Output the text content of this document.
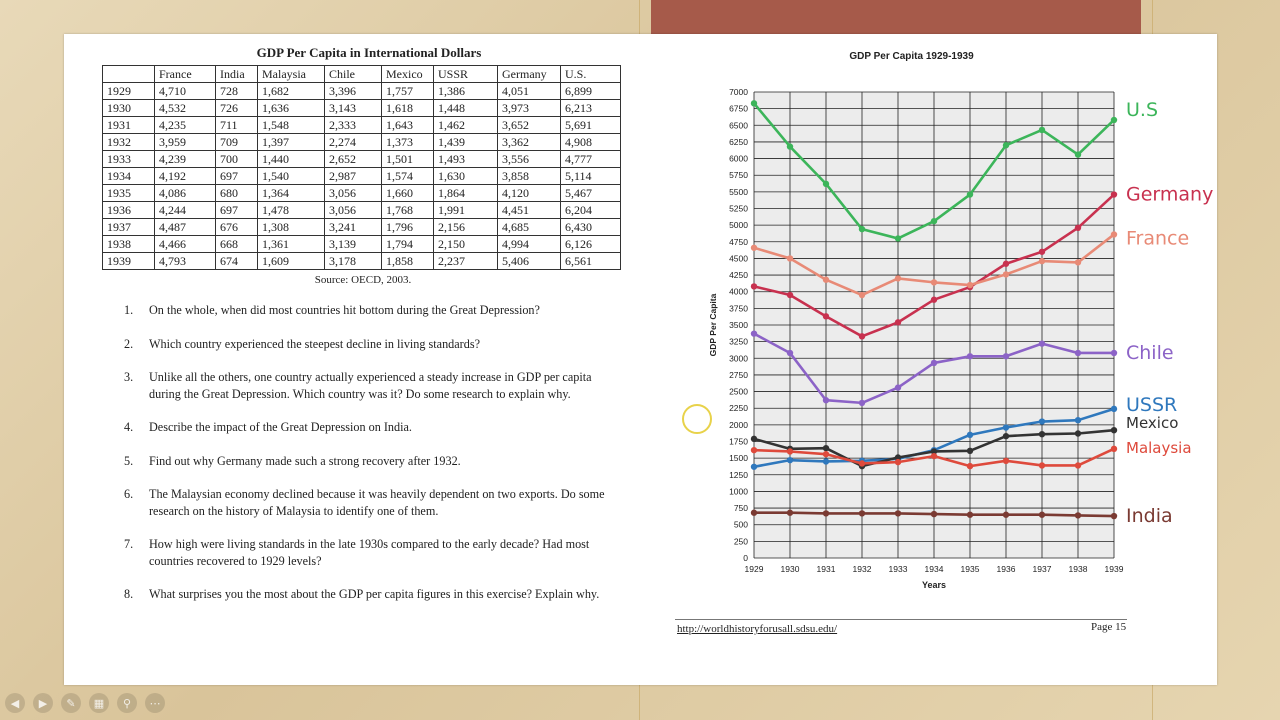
GDP Per Capita in International Dollars
	France	India	Malaysia	Chile	Mexico	USSR	Germany	U.S.
1929	4,710	728	1,682	3,396	1,757	1,386	4,051	6,899
1930	4,532	726	1,636	3,143	1,618	1,448	3,973	6,213
1931	4,235	711	1,548	2,333	1,643	1,462	3,652	5,691
1932	3,959	709	1,397	2,274	1,373	1,439	3,362	4,908
1933	4,239	700	1,440	2,652	1,501	1,493	3,556	4,777
1934	4,192	697	1,540	2,987	1,574	1,630	3,858	5,114
1935	4,086	680	1,364	3,056	1,660	1,864	4,120	5,467
1936	4,244	697	1,478	3,056	1,768	1,991	4,451	6,204
1937	4,487	676	1,308	3,241	1,796	2,156	4,685	6,430
1938	4,466	668	1,361	3,139	1,794	2,150	4,994	6,126
1939	4,793	674	1,609	3,178	1,858	2,237	5,406	6,561
Source: OECD, 2003.
1.	On the whole, when did most countries hit bottom during the Great Depression?
2.	Which country experienced the steepest decline in living standards?
3.	Unlike all the others, one country actually experienced a steady increase in GDP per capita during the Great Depression. Which country was it? Do some research to explain why.
4.	Describe the impact of the Great Depression on India.
5.	Find out why Germany made such a strong recovery after 1932.
6.	The Malaysian economy declined because it was heavily dependent on two exports. Do some research on the history of Malaysia to identify one of them.
7.	How high were living standards in the late 1930s compared to the early decade? Had most countries recovered to 1929 levels?
8.	What surprises you the most about the GDP per capita figures in this exercise? Explain why.
GDP Per Capita 1929-1939
0
250
500
750
1000
1250
1500
1750
2000
2250
2500
2750
3000
3250
3500
3750
4000
4250
4500
4750
5000
5250
5500
5750
6000
6250
6500
6750
7000
1929 1930 1931 1932 1933 1934 1935 1936 1937 1938 1939
Years
GDP Per Capita
U.S
Germany
France
Chile
USSR
Mexico
Malaysia
India
http://worldhistoryforusall.sdsu.edu/	Page 15
◀	▶	✎	▦	⚲	⋯
